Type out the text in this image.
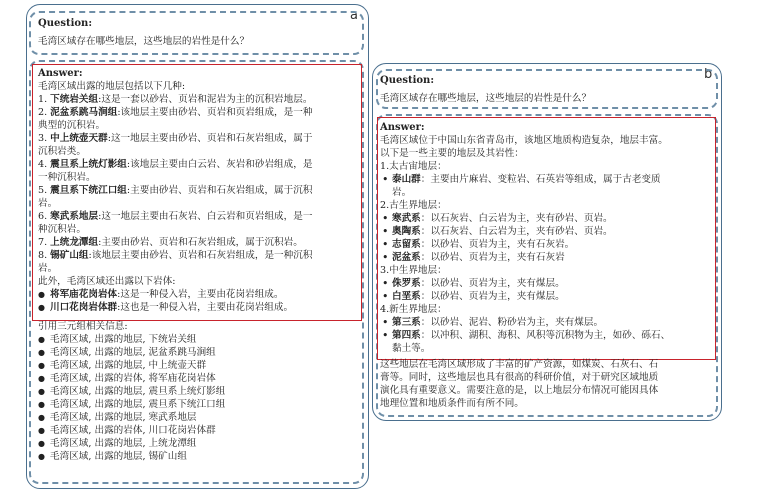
a
Question:
毛湾区域存在哪些地层，这些地层的岩性是什么？
Answer:
毛湾区域出露的地层包括以下几种:
1. 下统岩关组:这是一套以砂岩、页岩和泥岩为主的沉积岩地层。
2. 泥盆系跳马涧组:该地层主要由砂岩、页岩和页岩组成，是一种
典型的沉积岩。
3. 中上统壶天群:这一地层主要由砂岩、页岩和石灰岩组成，属于
沉积岩类。
4. 震旦系上统灯影组:该地层主要由白云岩、灰岩和砂岩组成，是
一种沉积岩。
5. 震旦系下统江口组:主要由砂岩、页岩和石灰岩组成，属于沉积
岩。
6. 寒武系地层:这一地层主要由石灰岩、白云岩和页岩组成，是一
种沉积岩。
7. 上统龙潭组:主要由砂岩、页岩和石灰岩组成，属于沉积岩。
8. 锡矿山组:该地层主要由砂岩、页岩和石灰岩组成，是一种沉积
岩。
此外，毛湾区域还出露以下岩体:
● 将军庙花岗岩体:这是一种侵入岩，主要由花岗岩组成。
● 川口花岗岩体群:这也是一种侵入岩，主要由花岗岩组成。
引用三元组相关信息:
● 毛湾区域, 出露的地层, 下统岩关组
● 毛湾区域, 出露的地层, 泥盆系跳马涧组
● 毛湾区域, 出露的地层, 中上统壶天群
● 毛湾区域, 出露的岩体, 将军庙花岗岩体
● 毛湾区域, 出露的地层, 震旦系上统灯影组
● 毛湾区域, 出露的地层, 震旦系下统江口组
● 毛湾区域, 出露的地层, 寒武系地层
● 毛湾区域, 出露的岩体, 川口花岗岩体群
● 毛湾区域, 出露的地层, 上统龙潭组
● 毛湾区域, 出露的地层, 锡矿山组
b
Question:
毛湾区域存在哪些地层，这些地层的岩性是什么？
Answer:
毛湾区域位于中国山东省青岛市，该地区地质构造复杂，地层丰富。
以下是一些主要的地层及其岩性：
1.太古宙地层：
• 泰山群：主要由片麻岩、变粒岩、石英岩等组成，属于古老变质
岩。
2.古生界地层：
• 寒武系：以石灰岩、白云岩为主，夹有砂岩、页岩。
• 奥陶系：以石灰岩、白云岩为主，夹有砂岩、页岩。
• 志留系：以砂岩、页岩为主，夹有石灰岩。
• 泥盆系：以砂岩、页岩为主，夹有石灰岩
3.中生界地层：
• 侏罗系：以砂岩、页岩为主，夹有煤层。
• 白垩系：以砂岩、页岩为主，夹有煤层。
4.新生界地层：
• 第三系：以砂岩、泥岩、粉砂岩为主，夹有煤层。
• 第四系：以冲积、湖积、海积、风积等沉积物为主，如砂、砾石、
黏土等。
这些地层在毛湾区域形成了丰富的矿产资源，如煤炭、石灰石、石
膏等。同时，这些地层也具有很高的科研价值，对于研究区域地质
演化具有重要意义。需要注意的是，以上地层分布情况可能因具体
地理位置和地质条件而有所不同。
